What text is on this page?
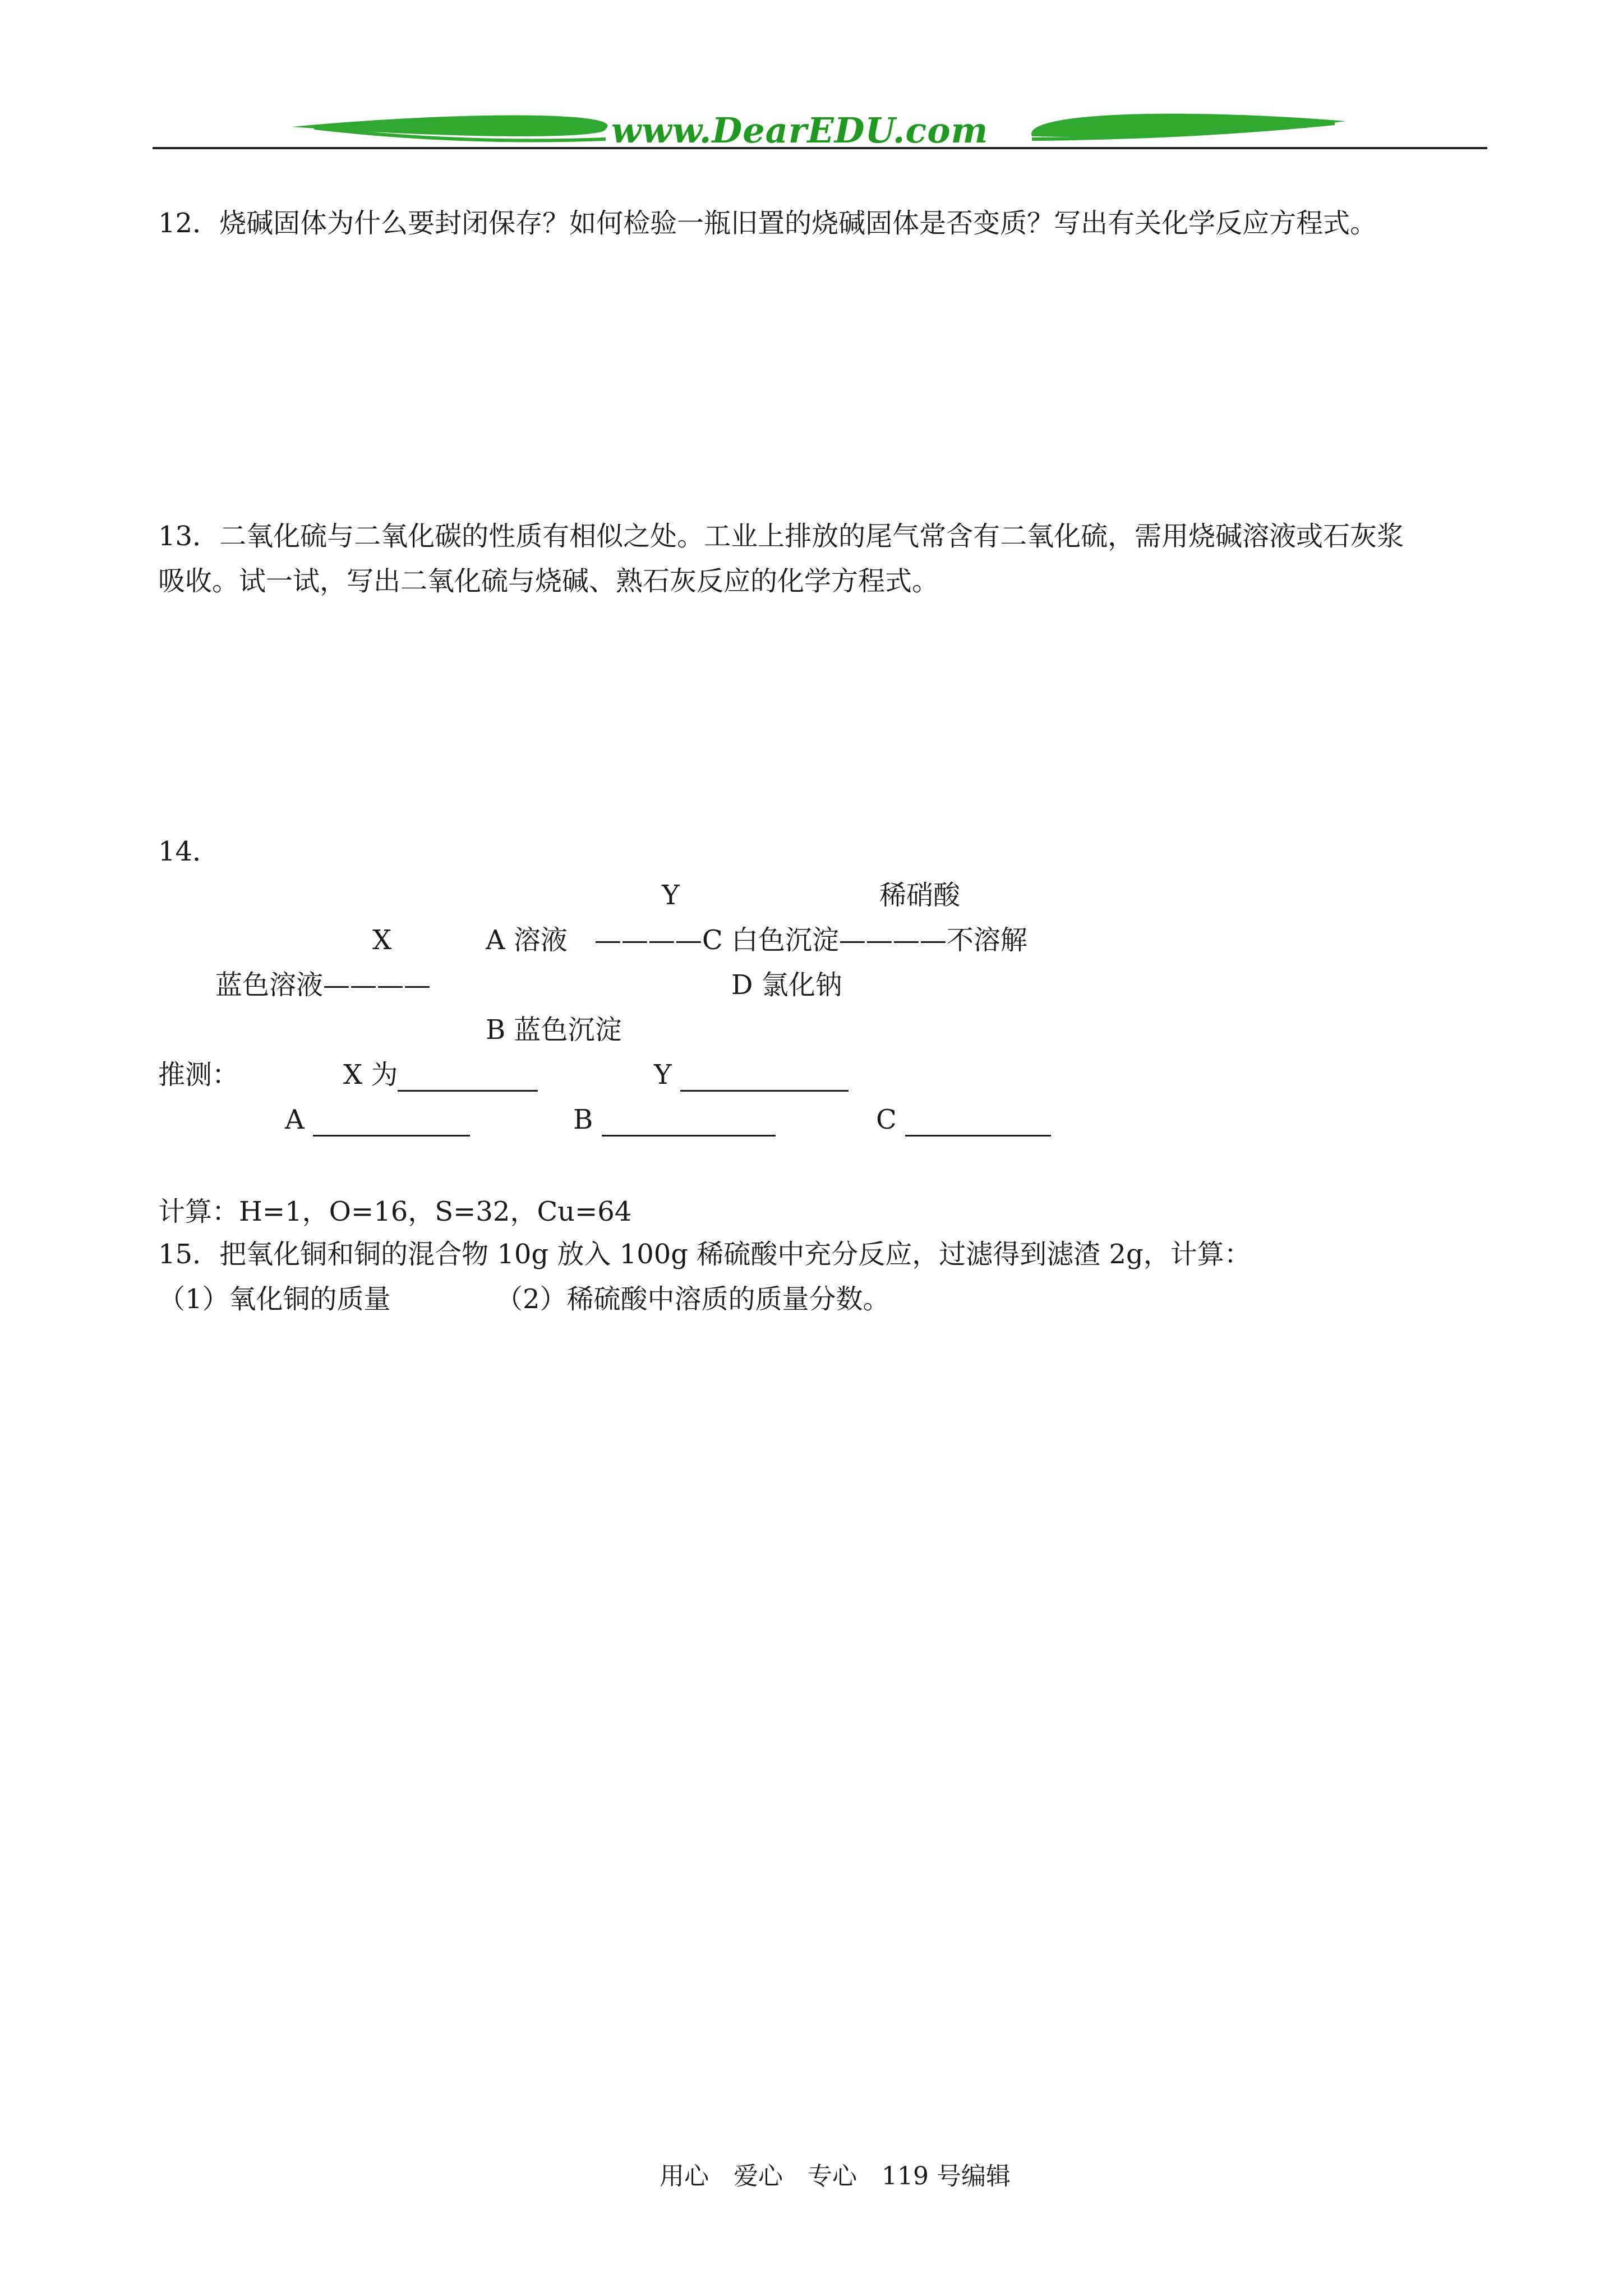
www.DearEDU.com
12．烧碱固体为什么要封闭保存？如何检验一瓶旧置的烧碱固体是否变质？写出有关化学反应方程式。
13．二氧化硫与二氧化碳的性质有相似之处。工业上排放的尾气常含有二氧化硫，需用烧碱溶液或石灰浆
吸收。试一试，写出二氧化硫与烧碱、熟石灰反应的化学方程式。
14．
Y	稀硝酸
X	A 溶液　————C 白色沉淀————不溶解
蓝色溶液————	D 氯化钠
B 蓝色沉淀
推测：	X 为	Y
A	B	C
计算：H=1，O=16，S=32，Cu=64
15．把氧化铜和铜的混合物 10g 放入 100g 稀硫酸中充分反应，过滤得到滤渣 2g，计算：
（1）氧化铜的质量	（2）稀硫酸中溶质的质量分数。
用心　爱心　专心　119 号编辑
